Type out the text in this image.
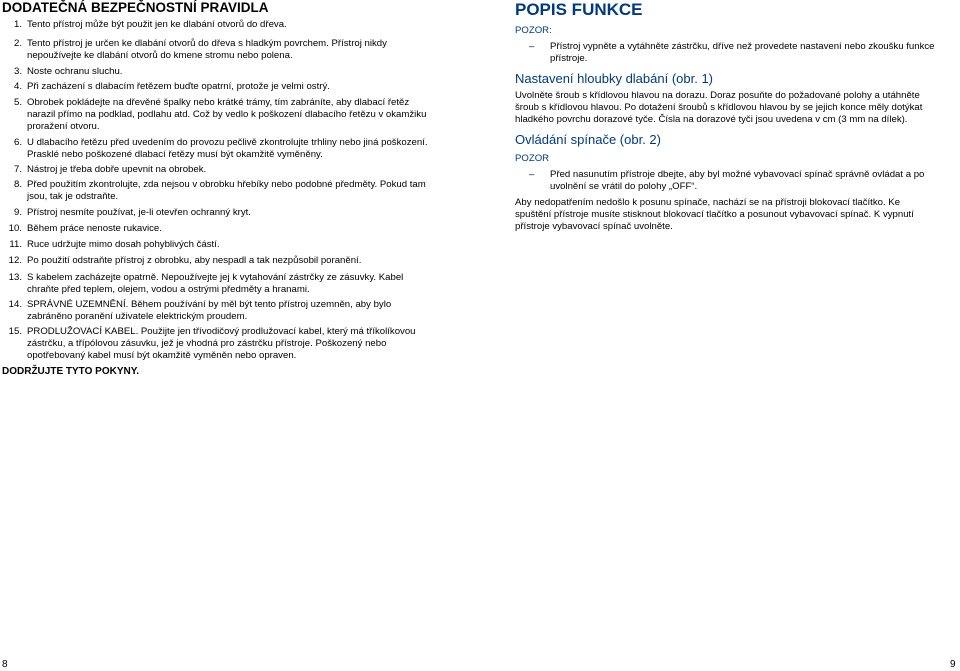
DODATEČNÁ BEZPEČNOSTNÍ PRAVIDLA
1. Tento přístroj může být použit jen ke dlabání otvorů do dřeva.
2. Tento přístroj je určen ke dlabání otvorů do dřeva s hladkým povrchem. Přístroj nikdy
nepoužívejte ke dlabání otvorů do kmene stromu nebo polena.
3. Noste ochranu sluchu.
4. Při zacházení s dlabacím řetězem buďte opatrní, protože je velmi ostrý.
5. Obrobek pokládejte na dřevěné špalky nebo krátké trámy, tím zabráníte, aby dlabací řetěz
narazil přímo na podklad, podlahu atd. Což by vedlo k poškození dlabacího řetězu v okamžiku
proražení otvoru.
6. U dlabacího řetězu před uvedením do provozu pečlivě zkontrolujte trhliny nebo jiná poškození.
Prasklé nebo poškozené dlabací řetězy musí být okamžitě vyměněny.
7. Nástroj je třeba dobře upevnit na obrobek.
8. Před použitím zkontrolujte, zda nejsou v obrobku hřebíky nebo podobné předměty. Pokud tam
jsou, tak je odstraňte.
9. Přístroj nesmíte používat, je-li otevřen ochranný kryt.
10. Během práce nenoste rukavice.
11. Ruce udržujte mimo dosah pohyblivých částí.
12. Po použití odstraňte přístroj z obrobku, aby nespadl a tak nezpůsobil poranění.
13. S kabelem zacházejte opatrně. Nepoužívejte jej k vytahování zástrčky ze zásuvky. Kabel
chraňte před teplem, olejem, vodou a ostrými předměty a hranami.
14. SPRÁVNÉ UZEMNĚNÍ. Během používání by měl být tento přístroj uzemněn, aby bylo
zabráněno poranění uživatele elektrickým proudem.
15. PRODLUŽOVACÍ KABEL. Použijte jen třívodičový prodlužovací kabel, který má tříkolíkovou
zástrčku, a třípólovou zásuvku, jež je vhodná pro zástrčku přístroje. Poškozený nebo
opotřebovaný kabel musí být okamžitě vyměněn nebo opraven.
DODRŽUJTE TYTO POKYNY.
POPIS FUNKCE
POZOR:
– Přístroj vypněte a vytáhněte zástrčku, dříve než provedete nastavení nebo zkoušku funkce
přístroje.
Nastavení hloubky dlabání (obr. 1)
Uvolněte šroub s křídlovou hlavou na dorazu. Doraz posuňte do požadované polohy a utáhněte
šroub s křídlovou hlavou. Po dotažení šroubů s křídlovou hlavou by se jejich konce měly dotýkat
hladkého povrchu dorazové tyče. Čísla na dorazové tyči jsou uvedena v cm (3 mm na dílek).
Ovládání spínače (obr. 2)
POZOR
– Před nasunutím přístroje dbejte, aby byl možné vybavovací spínač správně ovládat a po
uvolnění se vrátil do polohy „OFF“.
Aby nedopatřením nedošlo k posunu spínače, nachází se na přístroji blokovací tlačítko. Ke
spuštění přístroje musíte stisknout blokovací tlačítko a posunout vybavovací spínač. K vypnutí
přístroje vybavovací spínač uvolněte.
8	9
